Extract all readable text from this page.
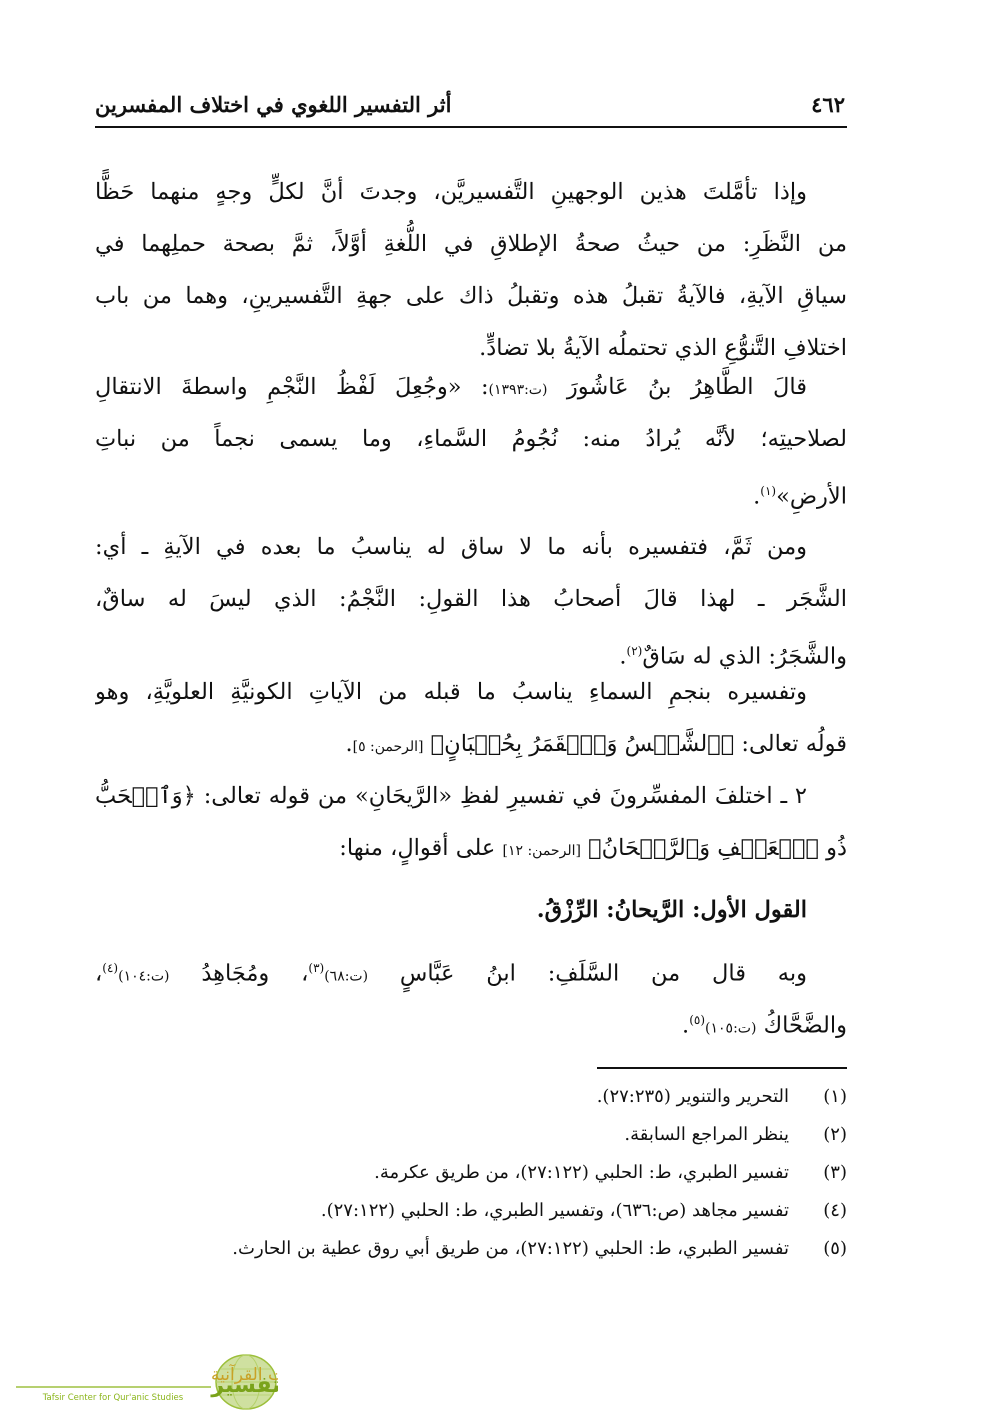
٤٦٢
أثر التفسير اللغوي في اختلاف المفسرين
وإذا تأمَّلتَ هذين الوجهينِ التَّفسيريَّن، وجدتَ أنَّ لكلٍّ وجهٍ منهما حَظًّا
من النَّظَرِ: من حيثُ صحةُ الإطلاقِ في اللُّغةِ أوَّلاً، ثمَّ بصحة حملِهما في
سياقِ الآيةِ، فالآيةُ تقبلُ هذه وتقبلُ ذاك على جهةِ التَّفسيرينِ، وهما من باب
اختلافِ التَّنوُّعِ الذي تحتملُه الآيةُ بلا تضادٍّ.
قالَ الطَّاهِرُ بنُ عَاشُورَ (ت:١٣٩٣): «وجُعِلَ لَفْظُ النَّجْمِ واسطةَ الانتقالِ
لصلاحيتِه؛ لأنَّه يُرادُ منه: نُجُومُ السَّماءِ، وما يسمى نجماً من نباتِ
الأرضِ»$^{(١)}$.
ومن ثَمَّ، فتفسيره بأنه ما لا ساق له يناسبُ ما بعده في الآيةِ ـ أي:
الشَّجَر ـ لهذا قالَ أصحابُ هذا القولِ: النَّجْمُ: الذي ليسَ له ساقٌ،
والشَّجَرُ: الذي له سَاقٌ$^{(٢)}$.
وتفسيره بنجمِ السماءِ يناسبُ ما قبله من الآياتِ الكونيَّةِ العلويَّةِ، وهو
قولُه تعالى: ﴿ٱلشَّمۡسُ وَٱلۡقَمَرُ بِحُسۡبَانٍ﴾ [الرحمن: ٥].
٢ ـ اختلفَ المفسِّرونَ في تفسيرِ لفظِ «الرَّيحَانِ» من قوله تعالى: ﴿وَٱلۡحَبُّ
ذُو ٱلۡعَصۡفِ وَٱلرَّيۡحَانُ﴾ [الرحمن: ١٢] على أقوالٍ، منها:
القول الأول: الرَّيحانُ: الرِّزْقُ.
وبه قال من السَّلَفِ: ابنُ عَبَّاسٍ (ت:٦٨)$^{(٣)}$، ومُجَاهِدُ (ت:١٠٤)$^{(٤)}$،
والضَّحَّاكُ (ت:١٠٥)$^{(٥)}$.
(١)
التحرير والتنوير (٢٧:٢٣٥).
(٢)
ينظر المراجع السابقة.
(٣)
تفسير الطبري، ط: الحلبي (٢٧:١٢٢)، من طريق عكرمة.
(٤)
تفسير مجاهد (ص:٦٣٦)، وتفسير الطبري، ط: الحلبي (٢٧:١٢٢).
(٥)
تفسير الطبري، ط: الحلبي (٢٧:١٢٢)، من طريق أبي روق عطية بن الحارث.
تفسير
ت القرآنية
Tafsir Center for Qur'anic Studies
